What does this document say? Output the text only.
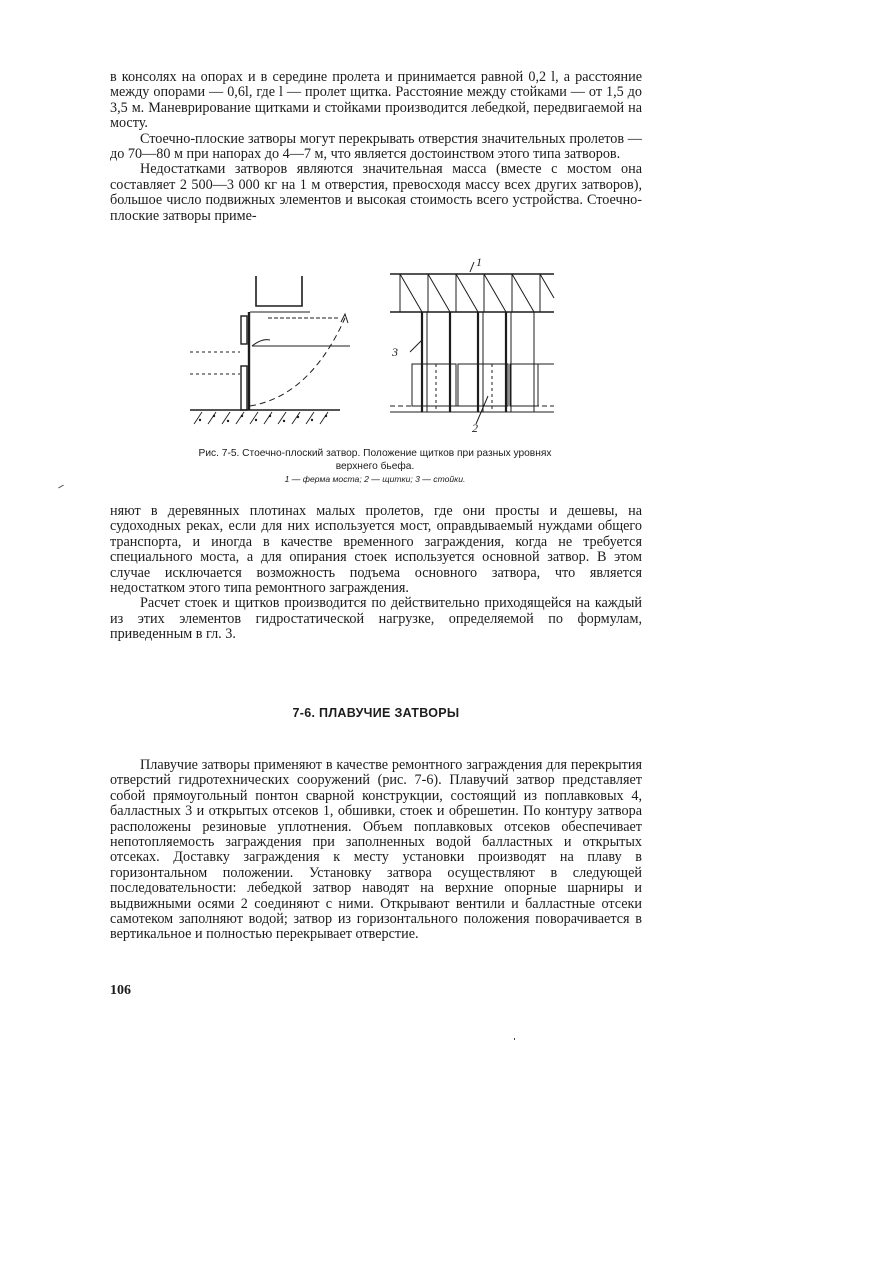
в консолях на опорах и в середине пролета и принимается равной 0,2 l, а расстояние между опорами — 0,6l, где l — пролет щитка. Расстояние между стойками — от 1,5 до 3,5 м. Маневрирование щитками и стойками производится лебедкой, передвигаемой на мосту.

Стоечно-плоские затворы могут перекрывать отверстия значительных пролетов — до 70—80 м при напорах до 4—7 м, что является достоинством этого типа затворов.

Недостатками затворов являются значительная масса (вместе с мостом она составляет 2 500—3 000 кг на 1 м отверстия, превосходя массу всех других затворов), большое число подвижных элементов и высокая стоимость всего устройства. Стоечно-плоские затворы приме-

1
2
3
Рис. 7-5. Стоечно-плоский затвор. Положение щитков при разных уровнях верхнего бьефа.
1 — ферма моста; 2 — щитки; 3 — стойки.

няют в деревянных плотинах малых пролетов, где они просты и дешевы, на судоходных реках, если для них используется мост, оправдываемый нуждами общего транспорта, и иногда в качестве временного заграждения, когда не требуется специального моста, а для опирания стоек используется основной затвор. В этом случае исключается возможность подъема основного затвора, что является недостатком этого типа ремонтного заграждения.

Расчет стоек и щитков производится по действительно приходящейся на каждый из этих элементов гидростатической нагрузке, определяемой по формулам, приведенным в гл. 3.

7-6. ПЛАВУЧИЕ ЗАТВОРЫ

Плавучие затворы применяют в качестве ремонтного заграждения для перекрытия отверстий гидротехнических сооружений (рис. 7-6). Плавучий затвор представляет собой прямоугольный понтон сварной конструкции, состоящий из поплавковых 4, балластных 3 и открытых отсеков 1, обшивки, стоек и обрешетин. По контуру затвора расположены резиновые уплотнения. Объем поплавковых отсеков обеспечивает непотопляемость заграждения при заполненных водой балластных и открытых отсеках. Доставку заграждения к месту установки производят на плаву в горизонтальном положении. Установку затвора осуществляют в следующей последовательности: лебедкой затвор наводят на верхние опорные шарниры и выдвижными осями 2 соединяют с ними. Открывают вентили и балластные отсеки самотеком заполняют водой; затвор из горизонтального положения поворачивается в вертикальное и полностью перекрывает отверстие.

106
